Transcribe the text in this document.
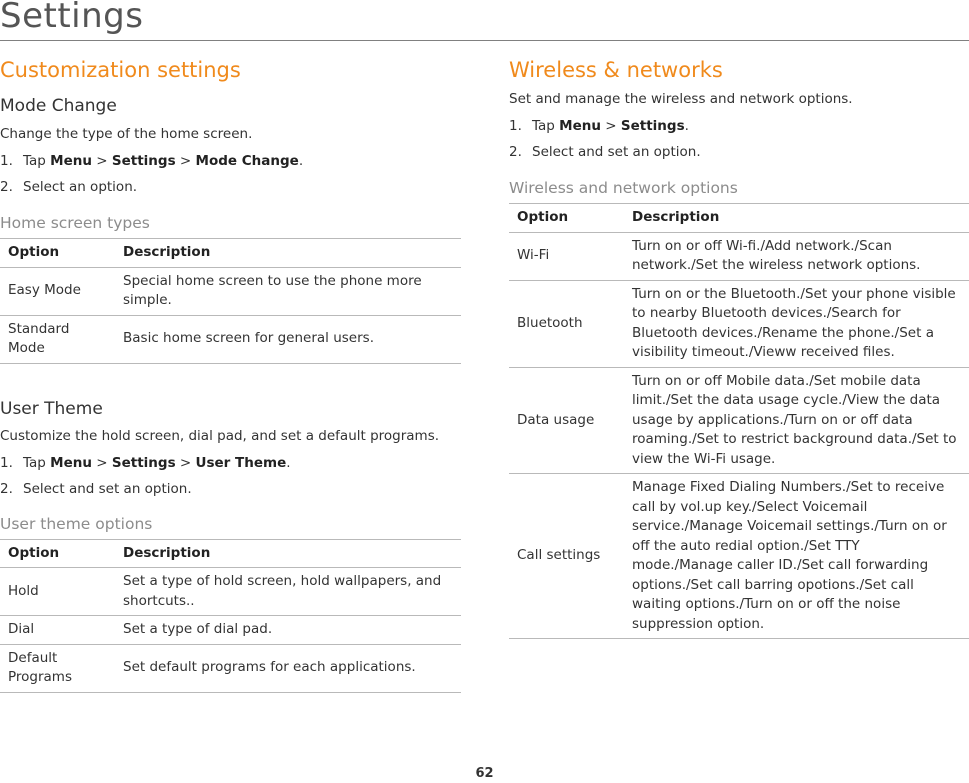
Settings
Customization settings
Mode Change
Change the type of the home screen.
1. Tap Menu > Settings > Mode Change.
2. Select an option.
Home screen types
Option	Description
Easy Mode	Special home screen to use the phone more simple.
Standard Mode	Basic home screen for general users.
User Theme
Customize the hold screen, dial pad, and set a default programs.
1. Tap Menu > Settings > User Theme.
2. Select and set an option.
User theme options
Option	Description
Hold	Set a type of hold screen, hold wallpapers, and shortcuts..
Dial	Set a type of dial pad.
Default Programs	Set default programs for each applications.
Wireless & networks
Set and manage the wireless and network options.
1. Tap Menu > Settings.
2. Select and set an option.
Wireless and network options
Option	Description
Wi-Fi	Turn on or off Wi-fi./Add network./Scan network./Set the wireless network options.
Bluetooth	Turn on or the Bluetooth./Set your phone visible to nearby Bluetooth devices./Search for Bluetooth devices./Rename the phone./Set a visibility timeout./Vieww received files.
Data usage	Turn on or off Mobile data./Set mobile data limit./Set the data usage cycle./View the data usage by applications./Turn on or off data roaming./Set to restrict background data./Set to view the Wi-Fi usage.
Call settings	Manage Fixed Dialing Numbers./Set to receive call by vol.up key./Select Voicemail service./Manage Voicemail settings./Turn on or off the auto redial option./Set TTY mode./Manage caller ID./Set call forwarding options./Set call barring opotions./Set call waiting options./Turn on or off the noise suppression option.
62
